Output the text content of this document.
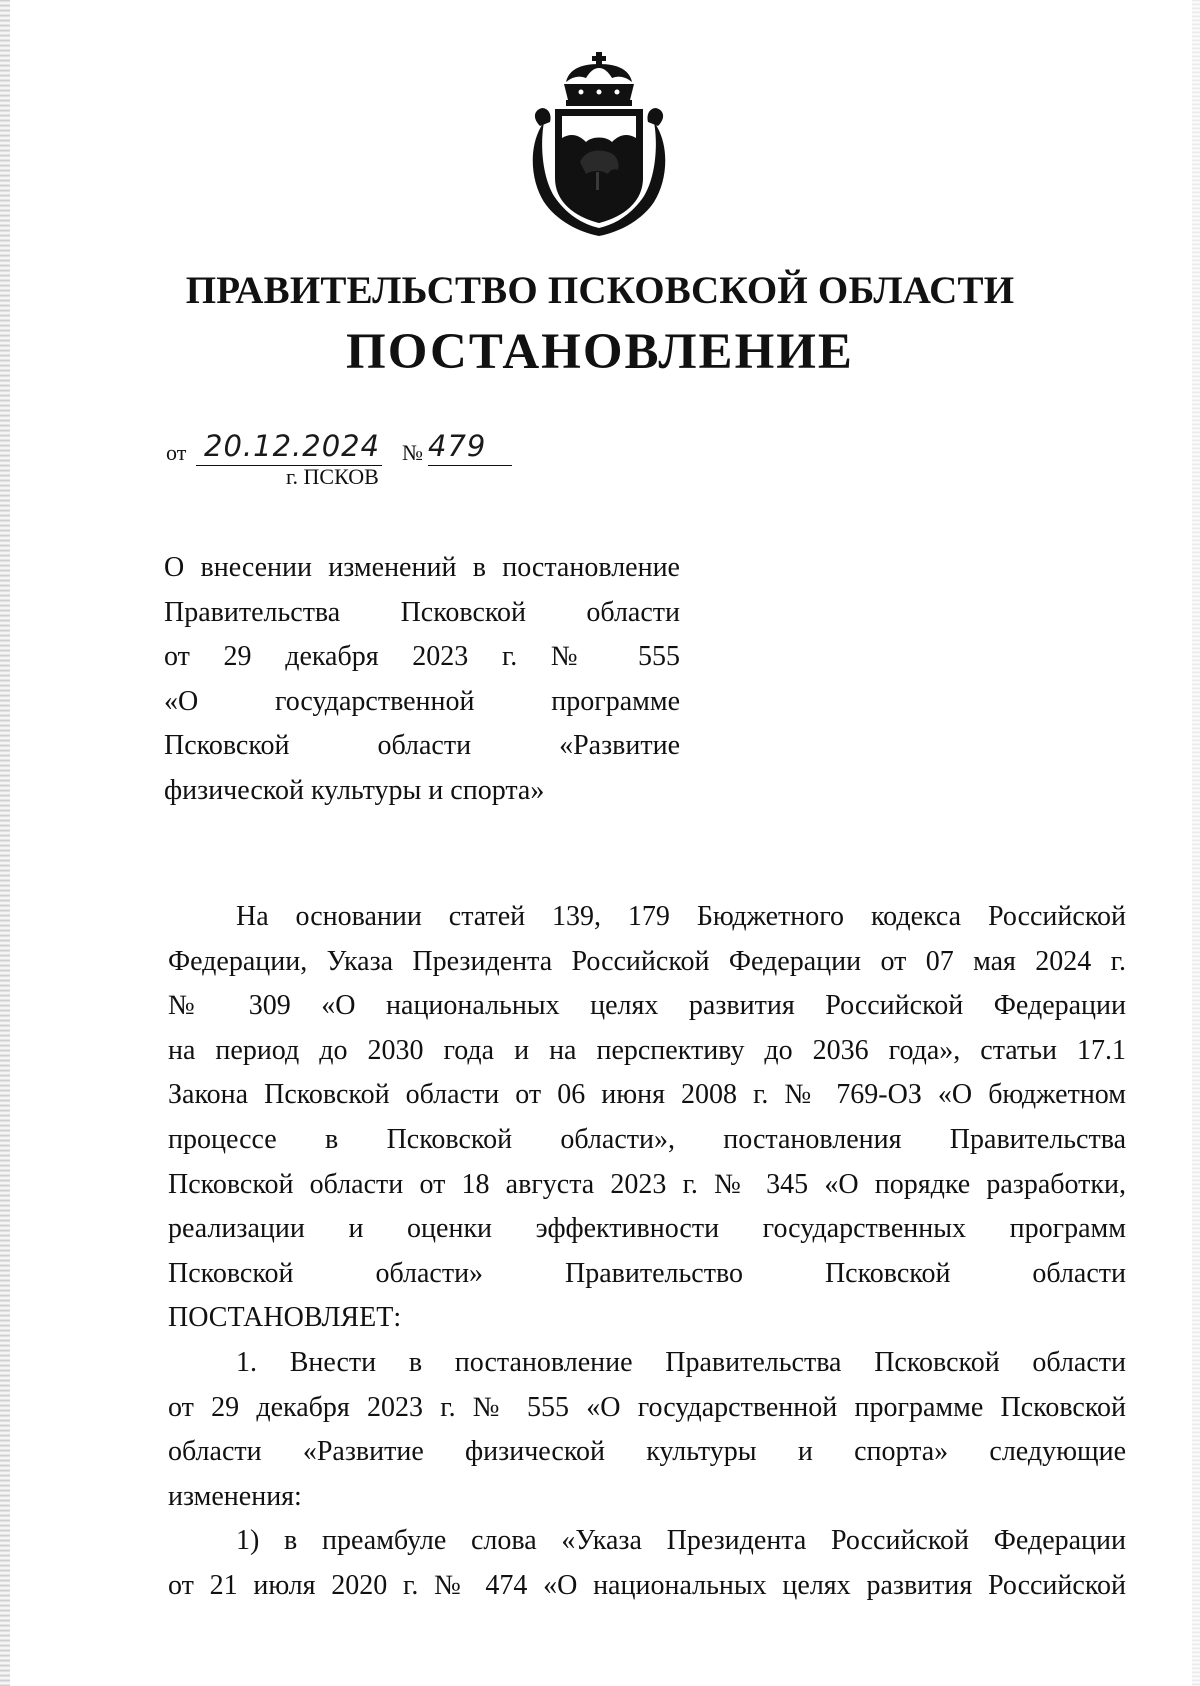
ПРАВИТЕЛЬСТВО ПСКОВСКОЙ ОБЛАСТИ
ПОСТАНОВЛЕНИЕ
от 20.12.2024 № 479
г. ПСКОВ
О внесении изменений в постановление
Правительства Псковской области
от 29 декабря 2023 г. № 555
«О государственной программе
Псковской области «Развитие
физической культуры и спорта»
На основании статей 139, 179 Бюджетного кодекса Российской
Федерации, Указа Президента Российской Федерации от 07 мая 2024 г.
№ 309 «О национальных целях развития Российской Федерации
на период до 2030 года и на перспективу до 2036 года», статьи 17.1
Закона Псковской области от 06 июня 2008 г. № 769-ОЗ «О бюджетном
процессе в Псковской области», постановления Правительства
Псковской области от 18 августа 2023 г. № 345 «О порядке разработки,
реализации и оценки эффективности государственных программ
Псковской области» Правительство Псковской области
ПОСТАНОВЛЯЕТ:
1. Внести в постановление Правительства Псковской области
от 29 декабря 2023 г. № 555 «О государственной программе Псковской
области «Развитие физической культуры и спорта» следующие
изменения:
1) в преамбуле слова «Указа Президента Российской Федерации
от 21 июля 2020 г. № 474 «О национальных целях развития Российской
